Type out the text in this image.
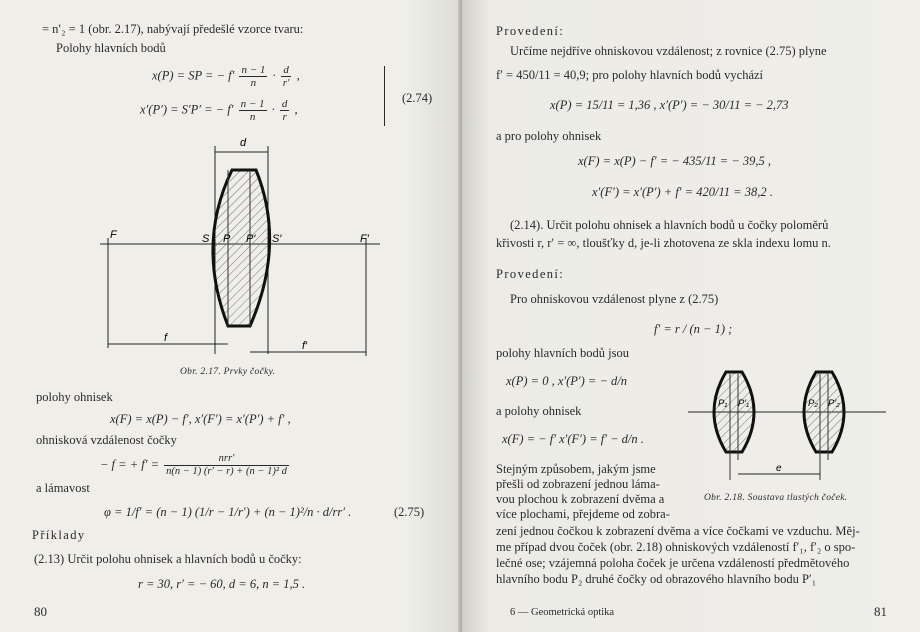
= n′₂ = 1 (obr. 2.17), nabývají předešlé vzorce tvaru:
Polohy hlavních bodů
x(P) = SP = − $f' \frac{n - 1}{n} \cdot \frac{d}{r'}$ ,
x′(P′) = S′P′ = − $f' \frac{n - 1}{n} \cdot \frac{d}{r}$ ,
(2.74)
F	S P P′ S′	F′
d
f
f′
Obr. 2.17. Prvky čočky.
polohy ohnisek
x(F) = x(P) − f′, x′(F′) = x′(P′) + f′ ,
ohnisková vzdálenost čočky
− f = + $f' = \frac{\text{nrr′}}{\text{n(n − 1) (r′ − r) + (n − 1)² d}}$
a lámavost
φ = 1/f′ = (n − 1) (1/r − 1/r′) + (n − 1)²/n · d/rr′ .	(2.75)
Příklady
(2.13) Určit polohu ohnisek a hlavních bodů u čočky:
r = 30, r′ = − 60, d = 6, n = 1,5 .
80
Provedení:
Určíme nejdříve ohniskovou vzdálenost; z rovnice (2.75) plyne
f′ = 450/11 = 40,9; pro polohy hlavních bodů vychází
x(P) = 15/11 = 1,36 , x′(P′) = − 30/11 = − 2,73
a pro polohy ohnisek
x(F) = x(P) − f′ = − 435/11 = − 39,5 ,
x′(F′) = x′(P′) + f′ = 420/11 = 38,2 .
(2.14). Určit polohu ohnisek a hlavních bodů u čočky poloměrů
křivosti r, r′ = ∞, tloušťky d, je-li zhotovena ze skla indexu lomu n.
Provedení:
Pro ohniskovou vzdálenost plyne z (2.75)
f′ = r / (n − 1) ;
polohy hlavních bodů jsou
x(P) = 0 , x′(P′) = − d/n
a polohy ohnisek
x(F) = − f′ x′(F′) = f′ − d/n .
Stejným způsobem, jakým jsme
přešli od zobrazení jednou lámа-
vou plochou k zobrazení dvěma a
více plochami, přejdeme od zobra-
zení jednou čočkou k zobrazení dvěma a více čočkami ve vzduchu. Měj-
me případ dvou čoček (obr. 2.18) ohniskových vzdáleností f′₁, f′₂ o spo-
lečné ose; vzájemná poloha čoček je určena vzdáleností předmětového
hlavního bodu P₂ druhé čočky od obrazového hlavního bodu P′₁
P₁ P′₁	P₂ P′₂
e
Obr. 2.18. Soustava tlustých čoček.
6 — Geometrická optika	81
